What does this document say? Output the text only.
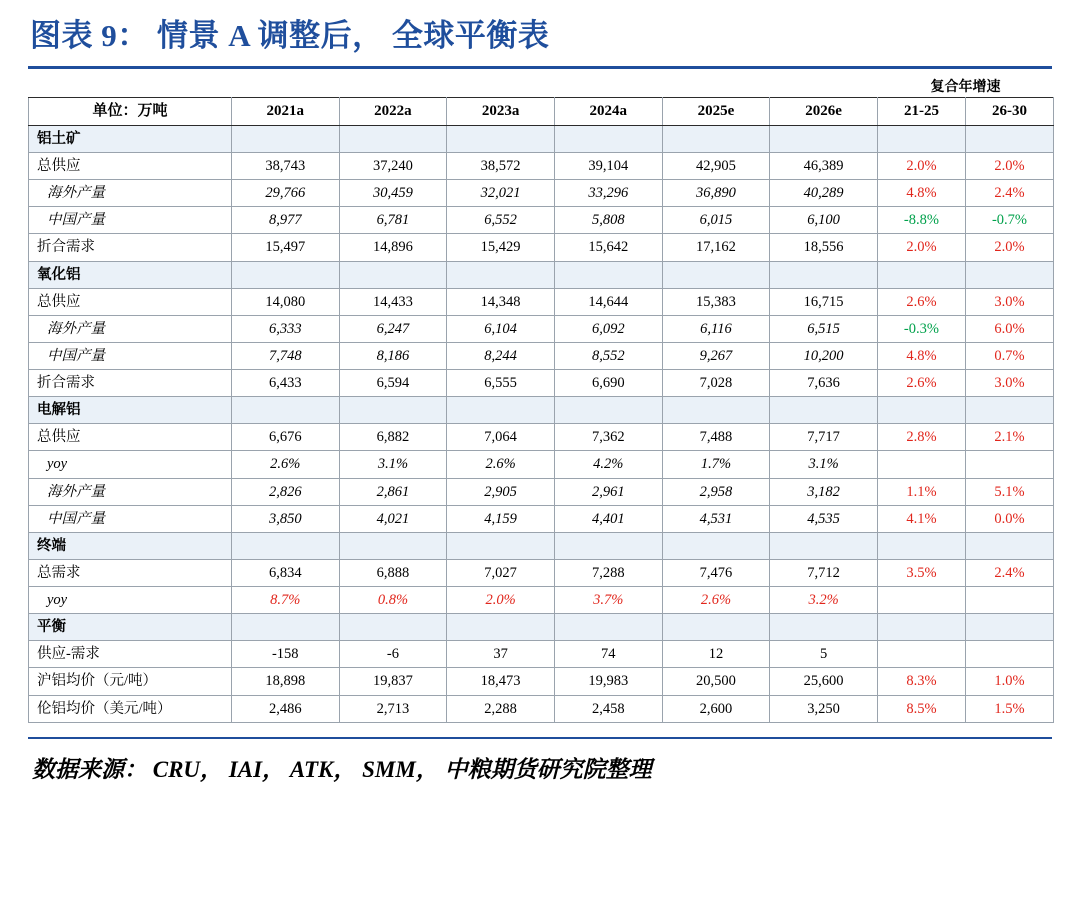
图表 9： 情景 A 调整后， 全球平衡表
							复合年增速	
单位：万吨	2021a	2022a	2023a	2024a	2025e	2026e	21-25	26-30
铝土矿								
总供应	38,743	37,240	38,572	39,104	42,905	46,389	2.0%	2.0%
海外产量	29,766	30,459	32,021	33,296	36,890	40,289	4.8%	2.4%
中国产量	8,977	6,781	6,552	5,808	6,015	6,100	-8.8%	-0.7%
折合需求	15,497	14,896	15,429	15,642	17,162	18,556	2.0%	2.0%
氧化铝								
总供应	14,080	14,433	14,348	14,644	15,383	16,715	2.6%	3.0%
海外产量	6,333	6,247	6,104	6,092	6,116	6,515	-0.3%	6.0%
中国产量	7,748	8,186	8,244	8,552	9,267	10,200	4.8%	0.7%
折合需求	6,433	6,594	6,555	6,690	7,028	7,636	2.6%	3.0%
电解铝								
总供应	6,676	6,882	7,064	7,362	7,488	7,717	2.8%	2.1%
yoy	2.6%	3.1%	2.6%	4.2%	1.7%	3.1%		
海外产量	2,826	2,861	2,905	2,961	2,958	3,182	1.1%	5.1%
中国产量	3,850	4,021	4,159	4,401	4,531	4,535	4.1%	0.0%
终端								
总需求	6,834	6,888	7,027	7,288	7,476	7,712	3.5%	2.4%
yoy	8.7%	0.8%	2.0%	3.7%	2.6%	3.2%		
平衡								
供应-需求	-158	-6	37	74	12	5		
沪铝均价（元/吨）	18,898	19,837	18,473	19,983	20,500	25,600	8.3%	1.0%
伦铝均价（美元/吨）	2,486	2,713	2,288	2,458	2,600	3,250	8.5%	1.5%
数据来源： CRU， IAI， ATK， SMM， 中粮期货研究院整理
